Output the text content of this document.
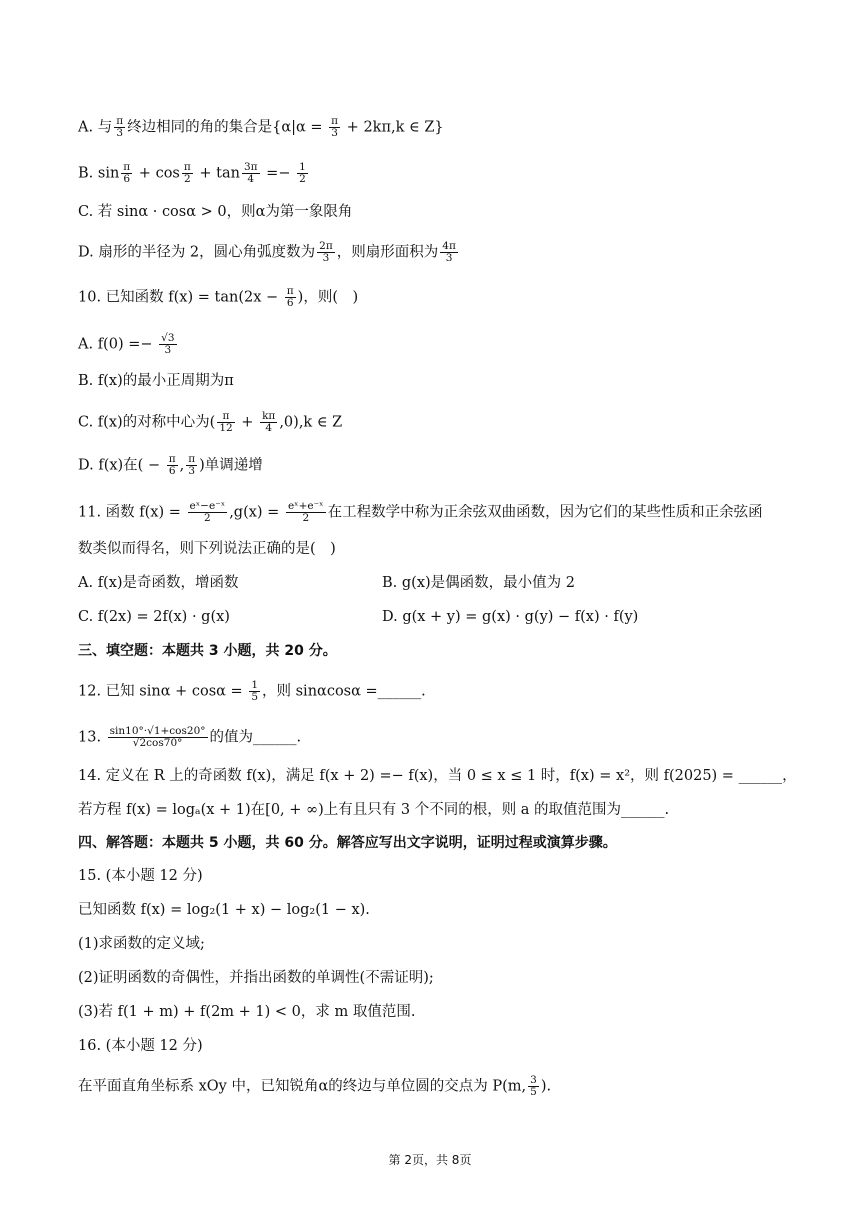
A. 与 $\frac{\pi}{3}$ 终边相同的角的集合是{$\alpha|\alpha = \frac{\pi}{3} + 2k\pi,k$ ∈ Z}
B. $\sin \frac{\pi}{6} + \cos \frac{\pi}{2} + \tan \frac{3\pi}{4} =- \frac{1}{2}$
C. 若 sinα · cosα > 0，则α为第一象限角
D. 扇形的半径为 2，圆心角弧度数为 $\frac{2\pi}{3}$ ，则扇形面积为 $\frac{4\pi}{3}$
10. 已知函数 $f(x) = \tan(2x - \frac{\pi}{6}$ )，则(　)
A. $f(0) =- \frac{√3}{3}$
B. f(x)的最小正周期为π
C. f(x)的对称中心为( $\frac{\pi}{12} + \frac{k\pi}{4} ,0),k$ ∈ Z
D. f(x)在( − $\frac{\pi}{6}$ , $\frac{\pi}{3}$ )单调递增
11. 函数 $f(x) = \frac{\text{eˣ−e⁻ˣ}}{2} ,g(x) = \frac{\text{eˣ+e⁻ˣ}}{2}$ 在工程数学中称为正余弦双曲函数，因为它们的某些性质和正余弦函
数类似而得名，则下列说法正确的是(　)
A. f(x)是奇函数，增函数	B. g(x)是偶函数，最小值为 2
C. f(2x) = 2f(x) · g(x)	D. g(x + y) = g(x) · g(y) − f(x) · f(y)
三、填空题：本题共 3 小题，共 20 分。
12. 已知 $\sin\alpha + \cos\alpha = \frac{1}{5}$ ，则 sinαcosα =______.
13. $\frac{\sin 10^\circ\cdot√1+\cos 20^\circ}{√2\cos 70^\circ}$ 的值为______.
14. 定义在 R 上的奇函数 f(x)，满足 f(x + 2) =− f(x)，当 0 ≤ x ≤ 1 时，f(x) = x²，则 f(2025) = ______，
若方程 f(x) = logₐ(x + 1)在[0, + ∞)上有且只有 3 个不同的根，则 a 的取值范围为______.
四、解答题：本题共 5 小题，共 60 分。解答应写出文字说明，证明过程或演算步骤。
15. (本小题 12 分)
已知函数 f(x) = log₂(1 + x) − log₂(1 − x).
(1)求函数的定义域;
(2)证明函数的奇偶性，并指出函数的单调性(不需证明);
(3)若 f(1 + m) + f(2m + 1) < 0，求 m 取值范围.
16. (本小题 12 分)
在平面直角坐标系 xOy 中，已知锐角α的终边与单位圆的交点为 P(m, $\frac{3}{5}$ ).
第 2页，共 8页
